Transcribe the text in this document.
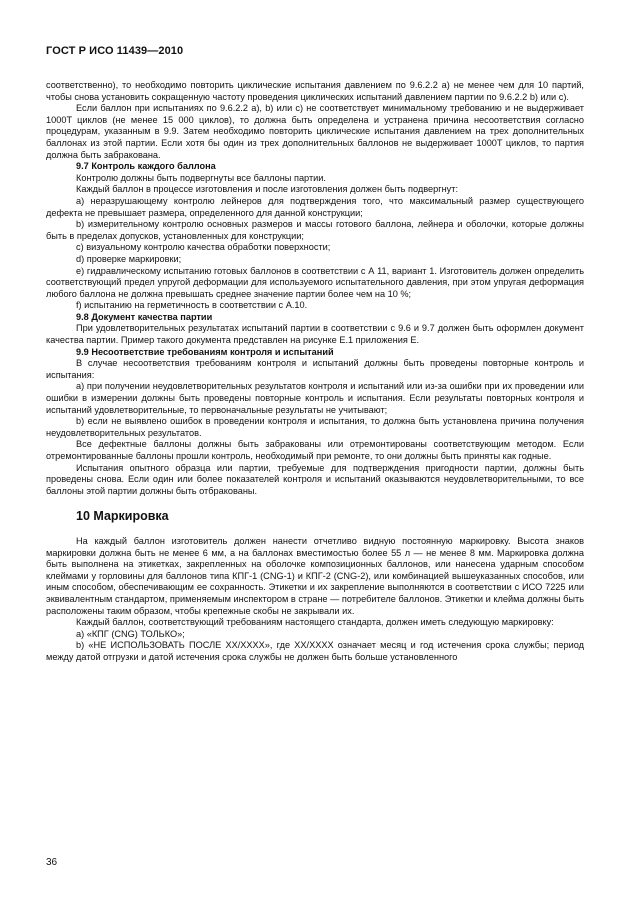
ГОСТ Р ИСО 11439—2010

соответственно), то необходимо повторить циклические испытания давлением по 9.6.2.2 а) не менее чем для 10 партий, чтобы снова установить сокращенную частоту проведения циклических испытаний давлением партии по 9.6.2.2 b) или с).

Если баллон при испытаниях по 9.6.2.2 а), b) или с) не соответствует минимальному требованию и не выдерживает 1000T циклов (не менее 15 000 циклов), то должна быть определена и устранена причина несоответствия согласно процедурам, указанным в 9.9. Затем необходимо повторить циклические испытания давлением на трех дополнительных баллонах из этой партии. Если хотя бы один из трех дополнительных баллонов не выдерживает 1000T циклов, то партия должна быть забракована.

9.7 Контроль каждого баллона

Контролю должны быть подвергнуты все баллоны партии.

Каждый баллон в процессе изготовления и после изготовления должен быть подвергнут:

а) неразрушающему контролю лейнеров для подтверждения того, что максимальный размер существующего дефекта не превышает размера, определенного для данной конструкции;

b) измерительному контролю основных размеров и массы готового баллона, лейнера и оболочки, которые должны быть в пределах допусков, установленных для конструкции;

с) визуальному контролю качества обработки поверхности;

d) проверке маркировки;

е) гидравлическому испытанию готовых баллонов в соответствии с А 11, вариант 1. Изготовитель должен определить соответствующий предел упругой деформации для используемого испытательного давления, при этом упругая деформация любого баллона не должна превышать среднее значение партии более чем на 10 %;

f) испытанию на герметичность в соответствии с А.10.

9.8 Документ качества партии

При удовлетворительных результатах испытаний партии в соответствии с 9.6 и 9.7 должен быть оформлен документ качества партии. Пример такого документа представлен на рисунке Е.1 приложения Е.

9.9 Несоответствие требованиям контроля и испытаний

В случае несоответствия требованиям контроля и испытаний должны быть проведены повторные контроль и испытания:

а) при получении неудовлетворительных результатов контроля и испытаний или из-за ошибки при их проведении или ошибки в измерении должны быть проведены повторные контроль и испытания. Если результаты повторных контроля и испытаний удовлетворительные, то первоначальные результаты не учитывают;

b) если не выявлено ошибок в проведении контроля и испытания, то должна быть установлена причина получения неудовлетворительных результатов.

Все дефектные баллоны должны быть забракованы или отремонтированы соответствующим методом. Если отремонтированные баллоны прошли контроль, необходимый при ремонте, то они должны быть приняты как годные.

Испытания опытного образца или партии, требуемые для подтверждения пригодности партии, должны быть проведены снова. Если один или более показателей контроля и испытаний оказываются неудовлетворительными, то все баллоны этой партии должны быть отбракованы.

10 Маркировка

На каждый баллон изготовитель должен нанести отчетливо видную постоянную маркировку. Высота знаков маркировки должна быть не менее 6 мм, а на баллонах вместимостью более 55 л — не менее 8 мм. Маркировка должна быть выполнена на этикетках, закрепленных на оболочке композиционных баллонов, или нанесена ударным способом клеймами у горловины для баллонов типа КПГ-1 (CNG-1) и КПГ-2 (CNG-2), или комбинацией вышеуказанных способов, или иным способом, обеспечивающим ее сохранность. Этикетки и их закрепление выполняются в соответствии с ИСО 7225 или эквивалентным стандартом, применяемым инспектором в стране — потребителе баллонов. Этикетки и клейма должны быть расположены таким образом, чтобы крепежные скобы не закрывали их.

Каждый баллон, соответствующий требованиям настоящего стандарта, должен иметь следующую маркировку:

а) «КПГ (CNG) ТОЛЬКО»;

b) «НЕ ИСПОЛЬЗОВАТЬ ПОСЛЕ XX/XXXX», где XX/XXXX означает месяц и год истечения срока службы; период между датой отгрузки и датой истечения срока службы не должен быть больше установленного

36
